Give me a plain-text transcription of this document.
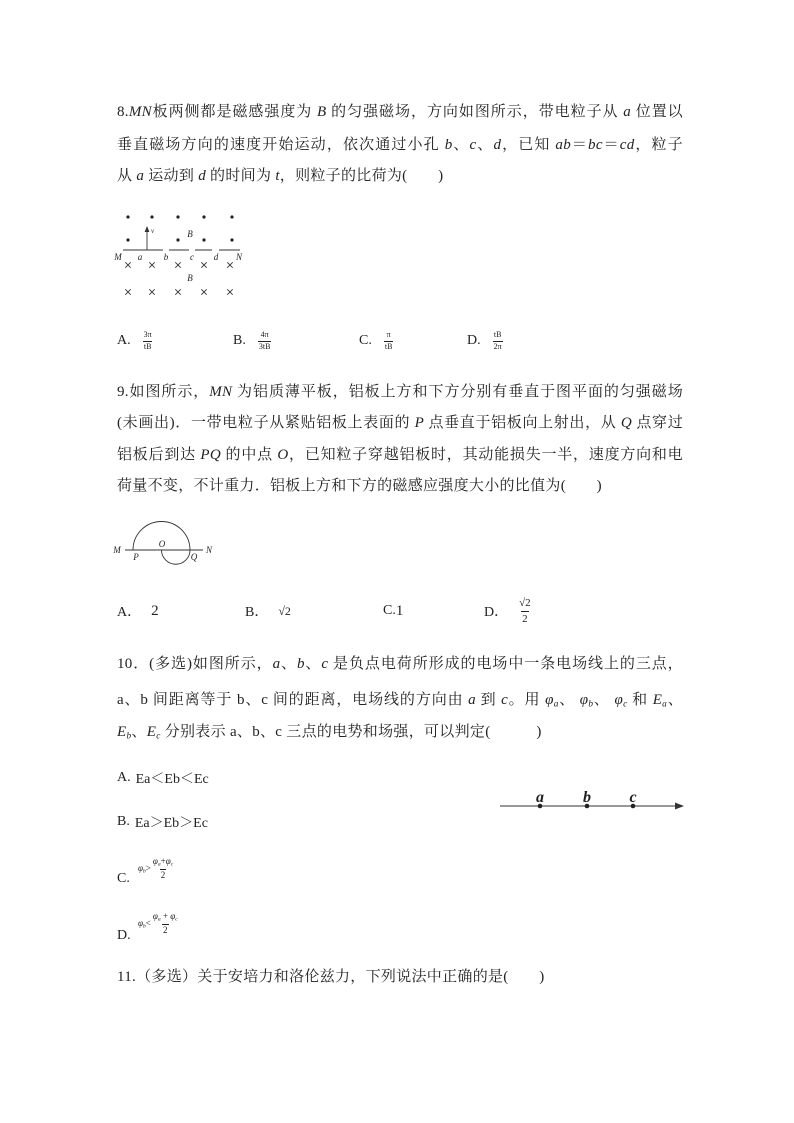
8.MN板两侧都是磁感强度为 B 的匀强磁场，方向如图所示，带电粒子从 a 位置以
垂直磁场方向的速度开始运动，依次通过小孔 b、c、d，已知 ab＝bc＝cd，粒子
从 a 运动到 d 的时间为 t，则粒子的比荷为(　　)
B
v
M a b c d N
B
A. $\frac{3\pi}{tB}$	B. $\frac{4\pi}{3tB}$	C. $\frac{\pi}{tB}$	D. $\frac{tB}{2\pi}$
9.如图所示，MN 为铝质薄平板，铝板上方和下方分别有垂直于图平面的匀强磁场
(未画出)．一带电粒子从紧贴铝板上表面的 P 点垂直于铝板向上射出，从 Q 点穿过
铝板后到达 PQ 的中点 O，已知粒子穿越铝板时，其动能损失一半，速度方向和电
荷量不变，不计重力．铝板上方和下方的磁感应强度大小的比值为(　　)
M	N
P
O
Q
A． 2	B． √2	C. 1	D． $\frac{√2}{2}$
10．(多选)如图所示，a、b、c 是负点电荷所形成的电场中一条电场线上的三点，
a、b 间距离等于 b、c 间的距离，电场线的方向由 a 到 c。用 $\varphi_a$、 $\varphi_b$、 $\varphi_c$ 和 $E_a$、
$E_b$、$E_c$ 分别表示 a、b、c 三点的电势和场强，可以判定(　　　)
a b c
A. Ea＜Eb＜Ec
B. Ea＞Eb＞Ec
C.
$\varphi_b> \frac{\varphi_a+\varphi_c}{2}$
D.
$\varphi_b< \frac{\varphi_a + \varphi_c}{2}$
11.（多选）关于安培力和洛伦兹力，下列说法中正确的是(　　)
